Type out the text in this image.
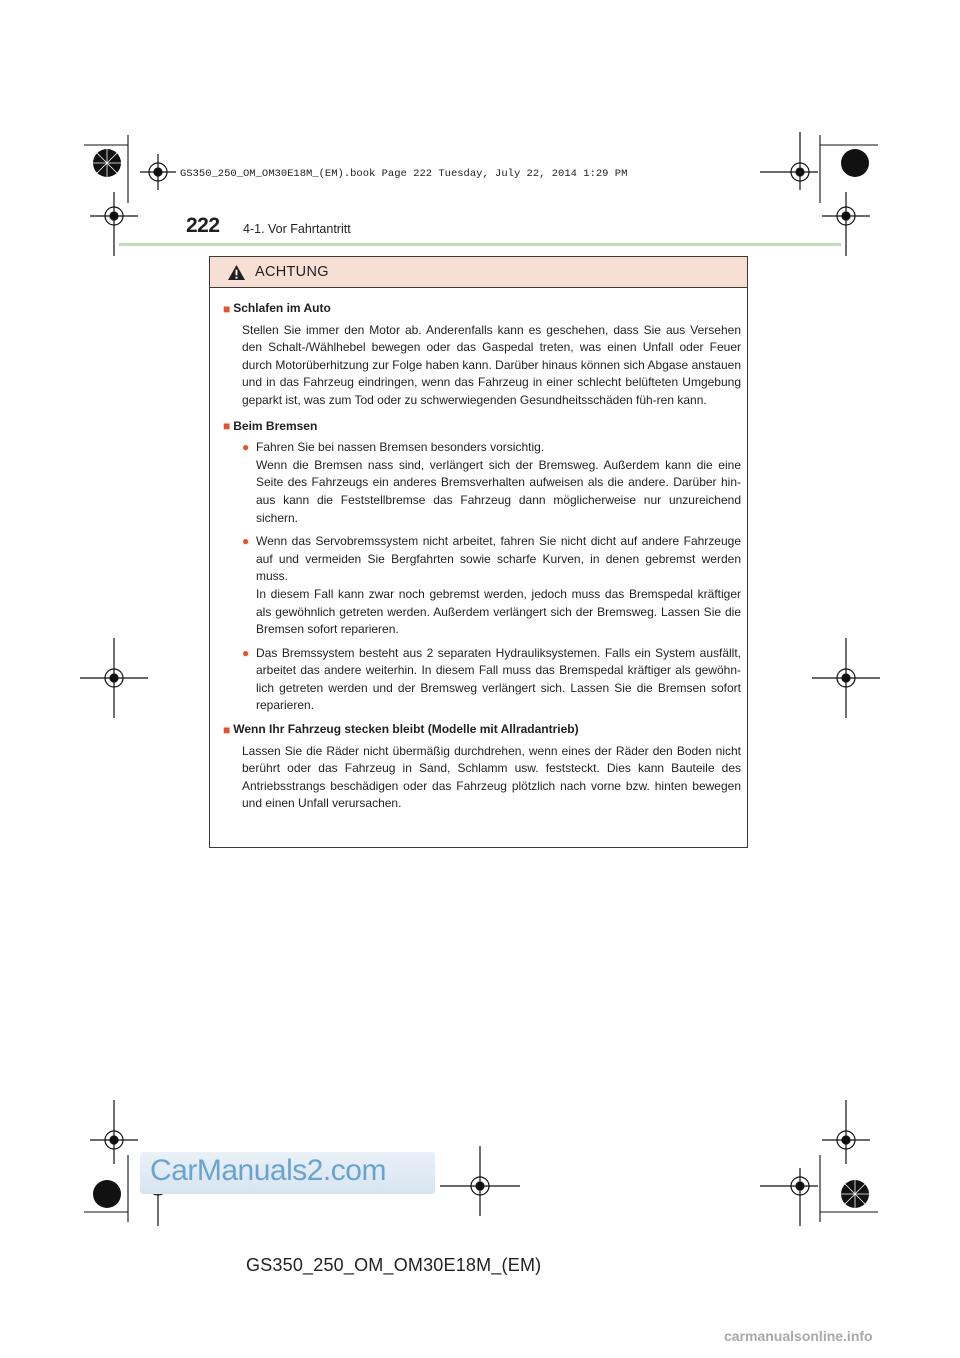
GS350_250_OM_OM30E18M_(EM).book Page 222 Tuesday, July 22, 2014 1:29 PM
222 4-1. Vor Fahrtantritt
ACHTUNG
■ Schlafen im Auto
Stellen Sie immer den Motor ab. Anderenfalls kann es geschehen, dass Sie aus Versehen den Schalt-/Wählhebel bewegen oder das Gaspedal treten, was einen Unfall oder Feuer durch Motorüberhitzung zur Folge haben kann. Darüber hinaus können sich Abgase anstauen und in das Fahrzeug eindringen, wenn das Fahrzeug in einer schlecht belüfteten Umgebung geparkt ist, was zum Tod oder zu schwerwiegenden Gesundheitsschäden füh-ren kann.
■ Beim Bremsen
● Fahren Sie bei nassen Bremsen besonders vorsichtig.
Wenn die Bremsen nass sind, verlängert sich der Bremsweg. Außerdem kann die eine Seite des Fahrzeugs ein anderes Bremsverhalten aufweisen als die andere. Darüber hin-aus kann die Feststellbremse das Fahrzeug dann möglicherweise nur unzureichend sichern.
● Wenn das Servobremssystem nicht arbeitet, fahren Sie nicht dicht auf andere Fahrzeuge auf und vermeiden Sie Bergfahrten sowie scharfe Kurven, in denen gebremst werden muss.
In diesem Fall kann zwar noch gebremst werden, jedoch muss das Bremspedal kräftiger als gewöhnlich getreten werden. Außerdem verlängert sich der Bremsweg. Lassen Sie die Bremsen sofort reparieren.
● Das Bremssystem besteht aus 2 separaten Hydrauliksystemen. Falls ein System ausfällt, arbeitet das andere weiterhin. In diesem Fall muss das Bremspedal kräftiger als gewöhn-lich getreten werden und der Bremsweg verlängert sich. Lassen Sie die Bremsen sofort reparieren.
■ Wenn Ihr Fahrzeug stecken bleibt (Modelle mit Allradantrieb)
Lassen Sie die Räder nicht übermäßig durchdrehen, wenn eines der Räder den Boden nicht berührt oder das Fahrzeug in Sand, Schlamm usw. feststeckt. Dies kann Bauteile des Antriebsstrangs beschädigen oder das Fahrzeug plötzlich nach vorne bzw. hinten bewegen und einen Unfall verursachen.
CarManuals2.com
GS350_250_OM_OM30E18M_(EM)
carmanualsonline.info
